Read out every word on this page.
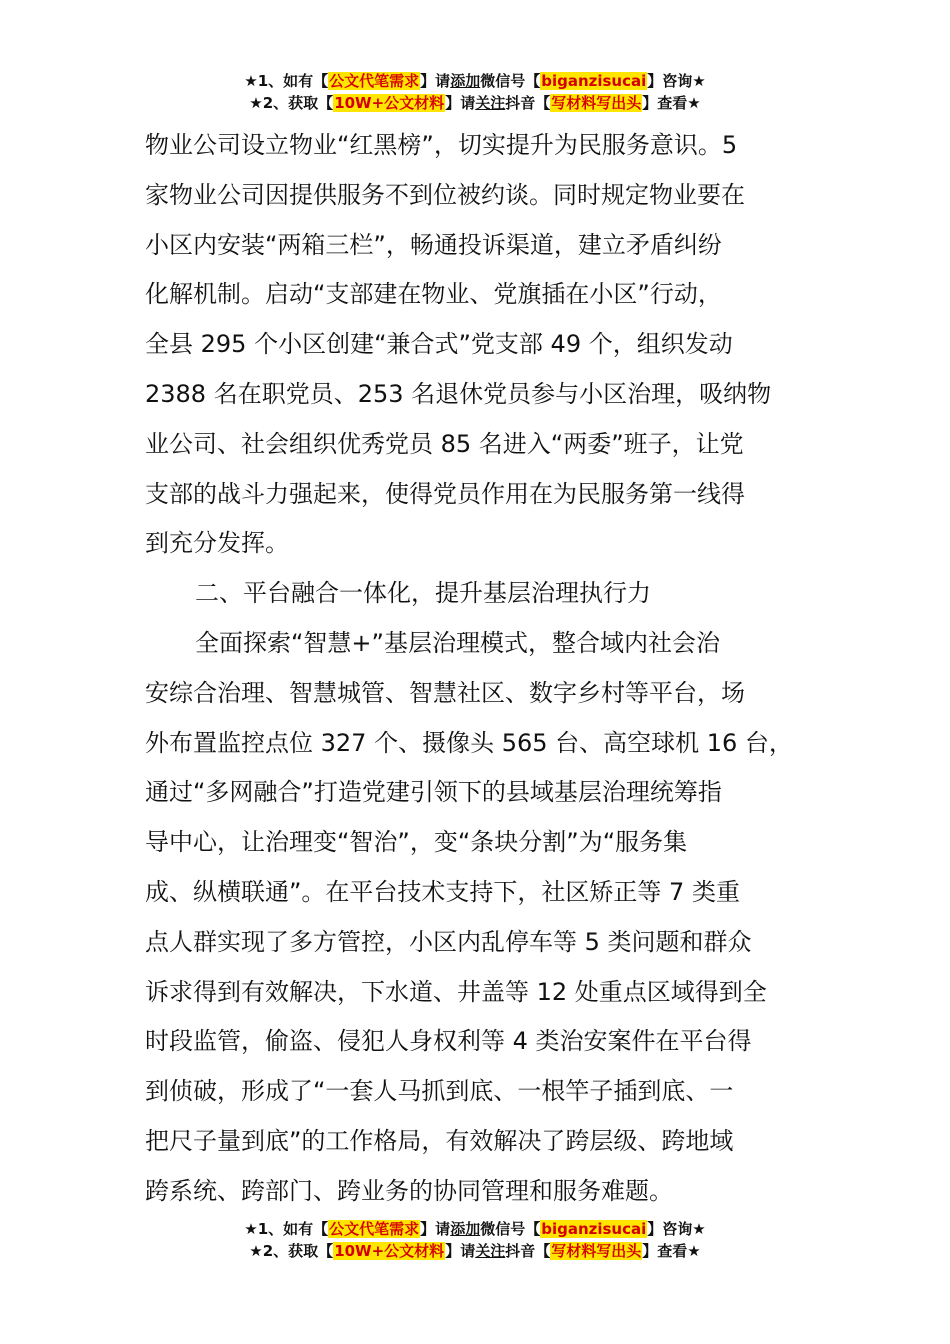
★1、如有【公文代笔需求】请添加微信号【biganzisucai】咨询★
★2、获取【10W+公文材料】请关注抖音【写材料写出头】查看★

物业公司设立物业“红黑榜”，切实提升为民服务意识。5
家物业公司因提供服务不到位被约谈。同时规定物业要在
小区内安装“两箱三栏”，畅通投诉渠道，建立矛盾纠纷
化解机制。启动“支部建在物业、党旗插在小区”行动，
全县 295 个小区创建“兼合式”党支部 49 个，组织发动
2388 名在职党员、253 名退休党员参与小区治理，吸纳物
业公司、社会组织优秀党员 85 名进入“两委”班子，让党
支部的战斗力强起来，使得党员作用在为民服务第一线得
到充分发挥。

二、平台融合一体化，提升基层治理执行力

全面探索“智慧+”基层治理模式，整合域内社会治
安综合治理、智慧城管、智慧社区、数字乡村等平台，场
外布置监控点位 327 个、摄像头 565 台、高空球机 16 台，
通过“多网融合”打造党建引领下的县域基层治理统筹指
导中心，让治理变“智治”，变“条块分割”为“服务集
成、纵横联通”。在平台技术支持下，社区矫正等 7 类重
点人群实现了多方管控，小区内乱停车等 5 类问题和群众
诉求得到有效解决，下水道、井盖等 12 处重点区域得到全
时段监管，偷盗、侵犯人身权利等 4 类治安案件在平台得
到侦破，形成了“一套人马抓到底、一根竿子插到底、一
把尺子量到底”的工作格局，有效解决了跨层级、跨地域
跨系统、跨部门、跨业务的协同管理和服务难题。

★1、如有【公文代笔需求】请添加微信号【biganzisucai】咨询★
★2、获取【10W+公文材料】请关注抖音【写材料写出头】查看★
